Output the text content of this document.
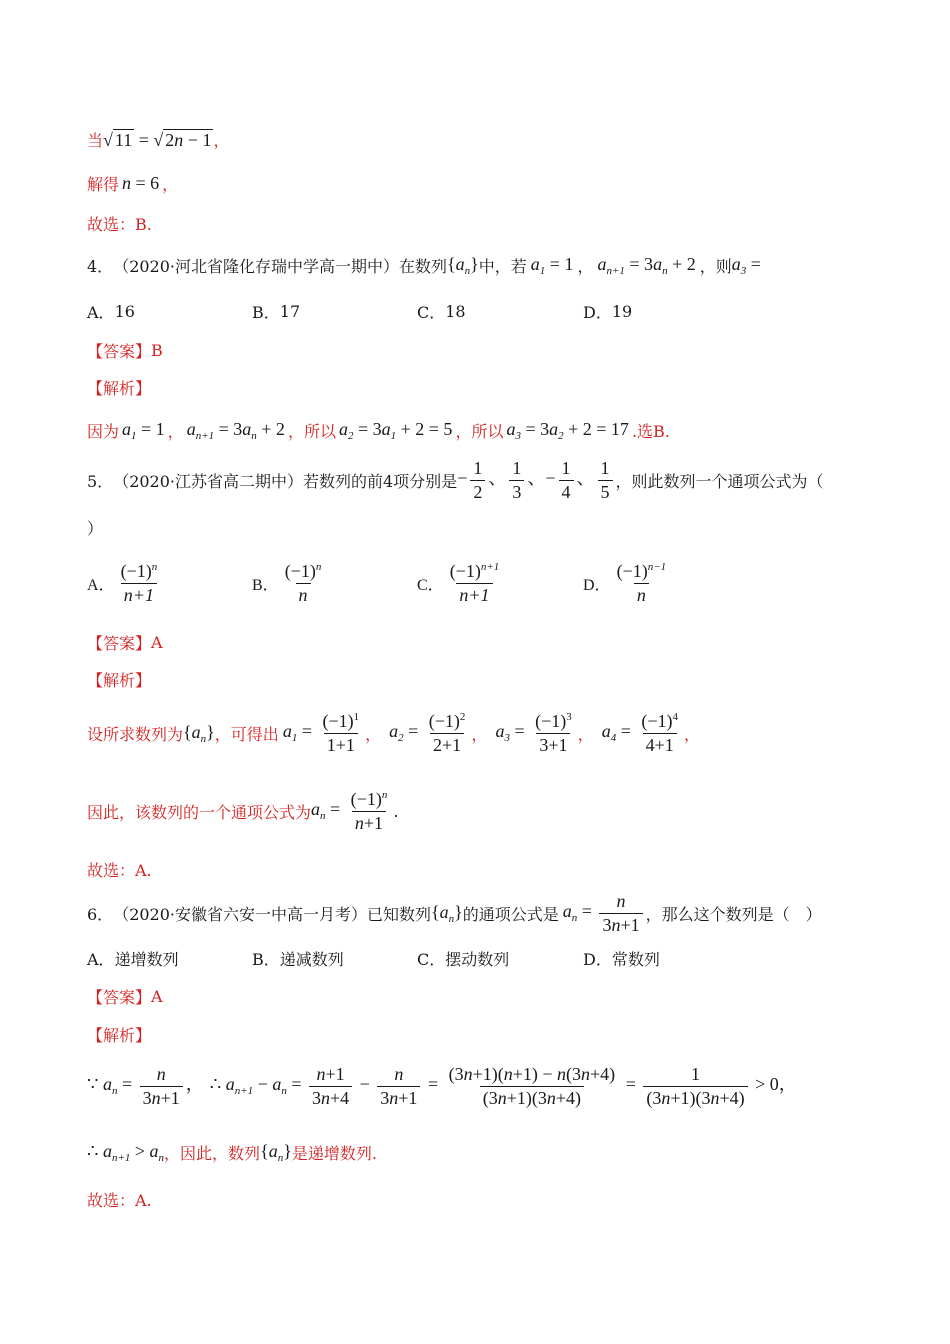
当 √ 11 = √ 2n − 1 ，
解得 n = 6 ，
故选：B.
4． （2020·河北省隆化存瑞中学高一期中）在数列 $\{a_n\}$ 中，若 $a_1 = 1$ ， $a_{n+1} = 3a_n + 2$ ，则 $a_3$ =
A． 16	B． 17	C． 18	D． 19
【答案】 B
【解析】
因为 $a_1 = 1$ ， $a_{n+1} = 3a_n + 2$ ， 所以 $a_2 = 3a_1 + 2 = 5$ ， 所以 $a_3 = 3a_2 + 2 = 17$ .选B.
5． （2020·江苏省高二期中）若数列的前4项分别是 − $\frac{1}{2}$ 、 $\frac{1}{3}$ 、− $\frac{1}{4}$ 、 $\frac{1}{5}$ ，则此数列一个通项公式为（
）
A． $\frac{(-1)^n}{n+1}$	B． $\frac{(-1)^n}{n}$	C． $\frac{(-1)^{n+1}}{n+1}$	D． $\frac{(-1)^{n-1}}{n}$
【答案】 A
【解析】
设所求数列为 $\{a_n\}$ ，可得出 $a_1 = \frac{(-1)^1}{1+1}$ ， $a_2 = \frac{(-1)^2}{2+1}$ ， $a_3 = \frac{(-1)^3}{3+1}$ ， $a_4 = \frac{(-1)^4}{4+1}$ ，
因此，该数列的一个通项公式为 $a_n = \frac{(-1)^n}{n+1}$ .
故选：A.
6． （2020·安徽省六安一中高一月考）已知数列 $\{a_n\}$ 的通项公式是 $a_n = \frac{n}{3n+1}$ ，那么这个数列是（　）
A． 递增数列	B． 递减数列	C． 摆动数列	D． 常数列
【答案】 A
【解析】
∵ $a_n = \frac{n}{3n+1}$ ， ∴ $a_{n+1} - a_n = \frac{n+1}{3n+4} - \frac{n}{3n+1} = \frac{(3n+1)(n+1) - n(3n+4)}{(3n+1)(3n+4)} = \frac{1}{(3n+1)(3n+4)} > 0$，
∴ $a_{n+1} > a_n$ ，因此，数列 $\{a_n\}$ 是递增数列.
故选：A.
